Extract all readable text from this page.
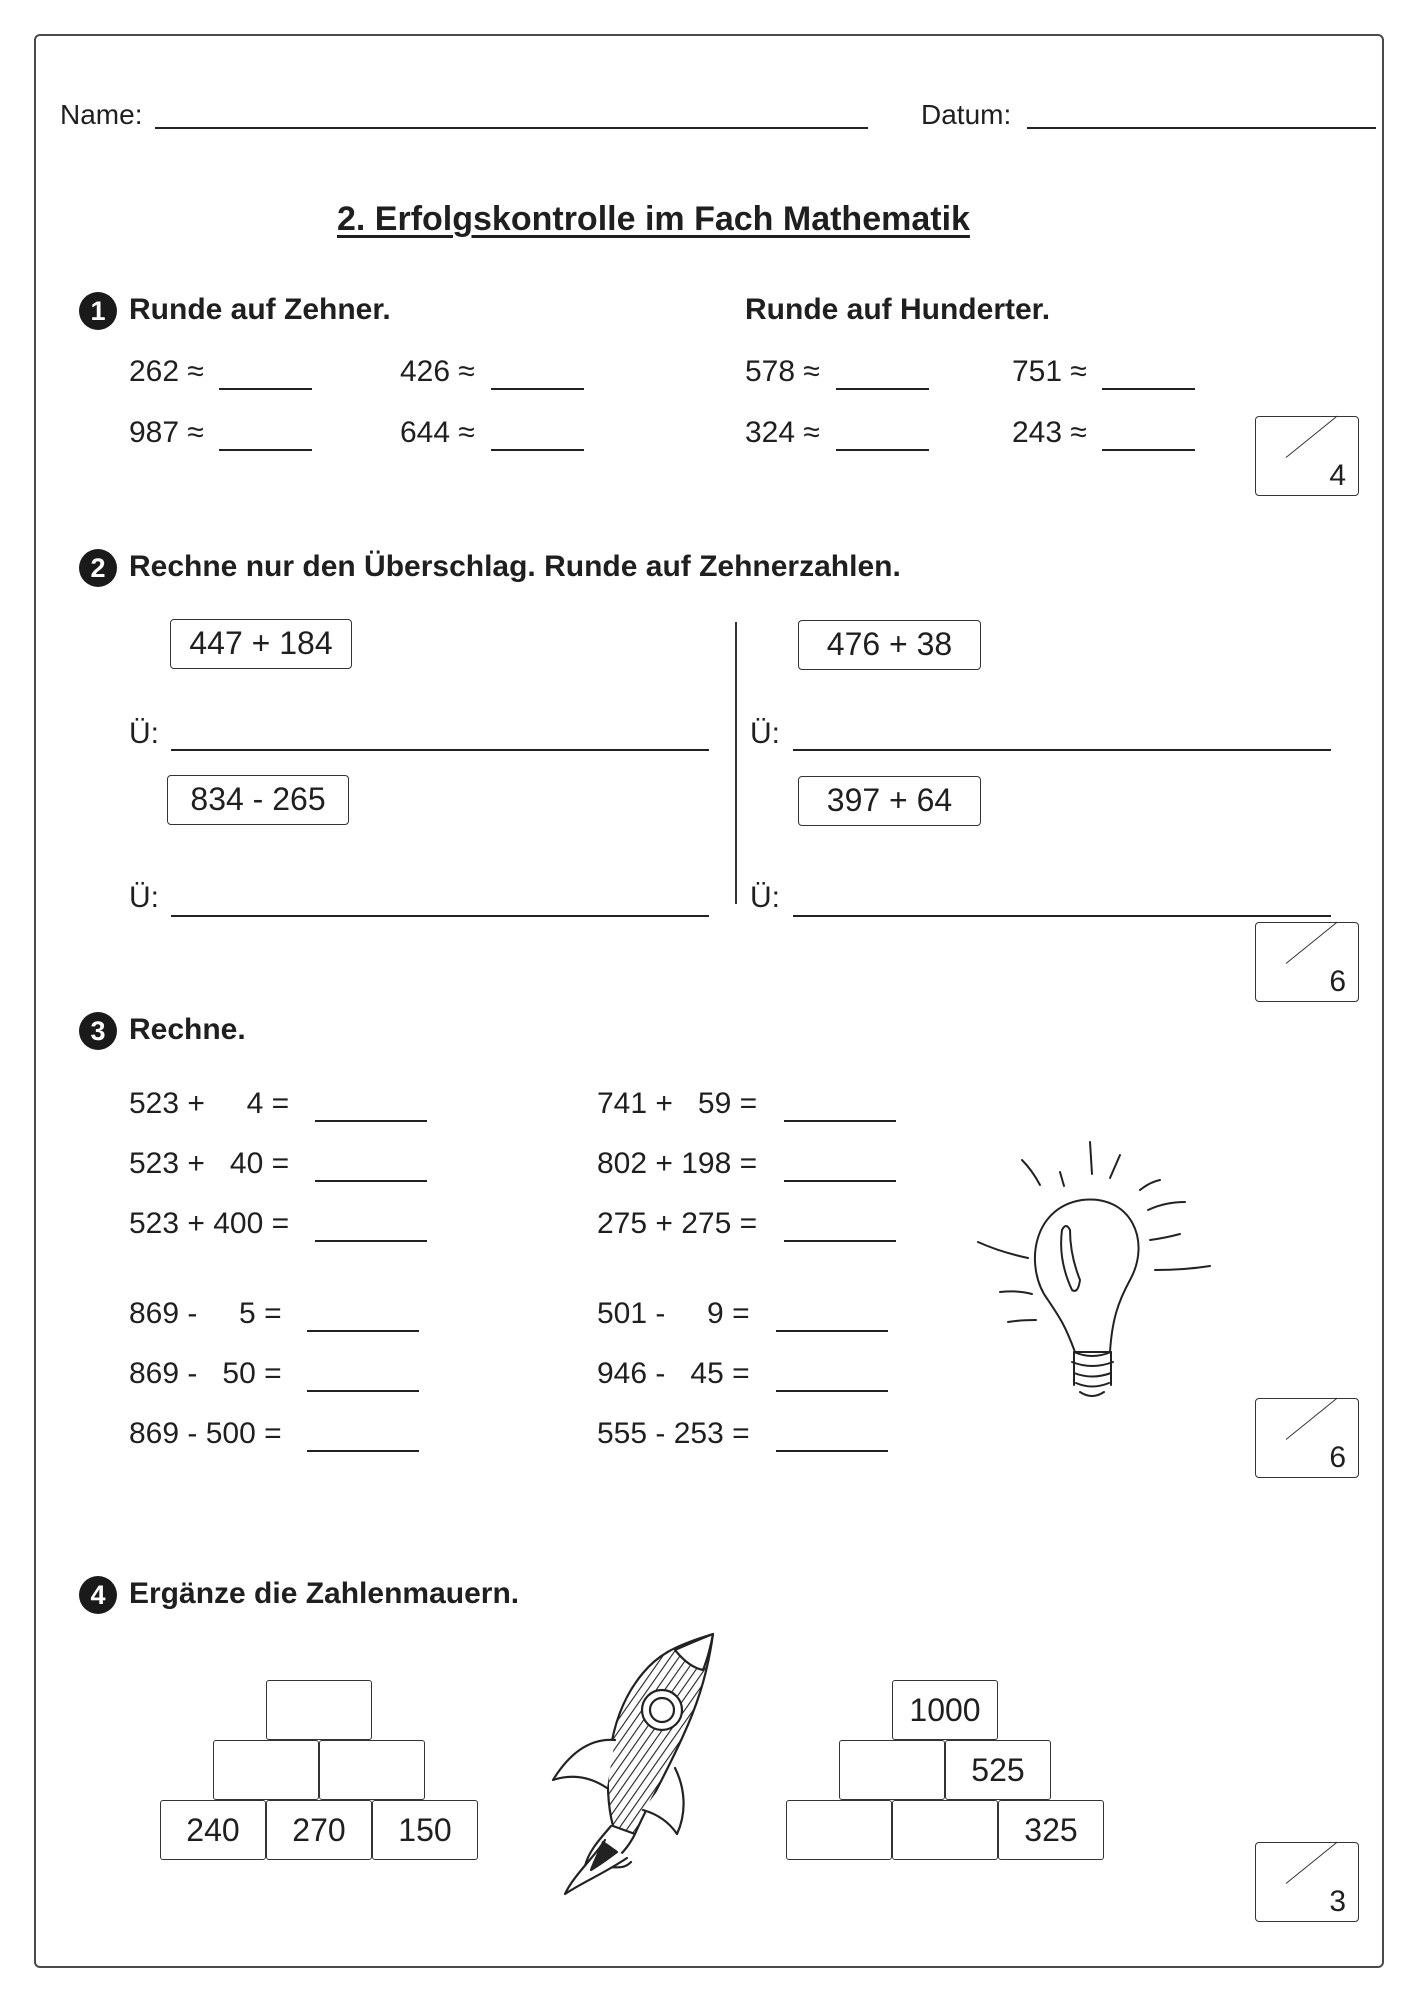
Name:	Datum:
2. Erfolgskontrolle im Fach Mathematik
1 Runde auf Zehner.	Runde auf Hunderter.
262 ≈	426 ≈
987 ≈	644 ≈
578 ≈	751 ≈
324 ≈	243 ≈
4
2 Rechne nur den Überschlag. Runde auf Zehnerzahlen.
447 + 184	476 + 38
Ü:	Ü:
834 - 265	397 + 64
Ü:	Ü:
6
3 Rechne.
523 +     4 =
523 +   40 =
523 + 400 =
869 -     5 =
869 -   50 =
869 - 500 =
741 +   59 =
802 + 198 =
275 + 275 =
501 -     9 =
946 -   45 =
555 - 253 =
6
4 Ergänze die Zahlenmauern.
240	270	150
1000
525
325
3
